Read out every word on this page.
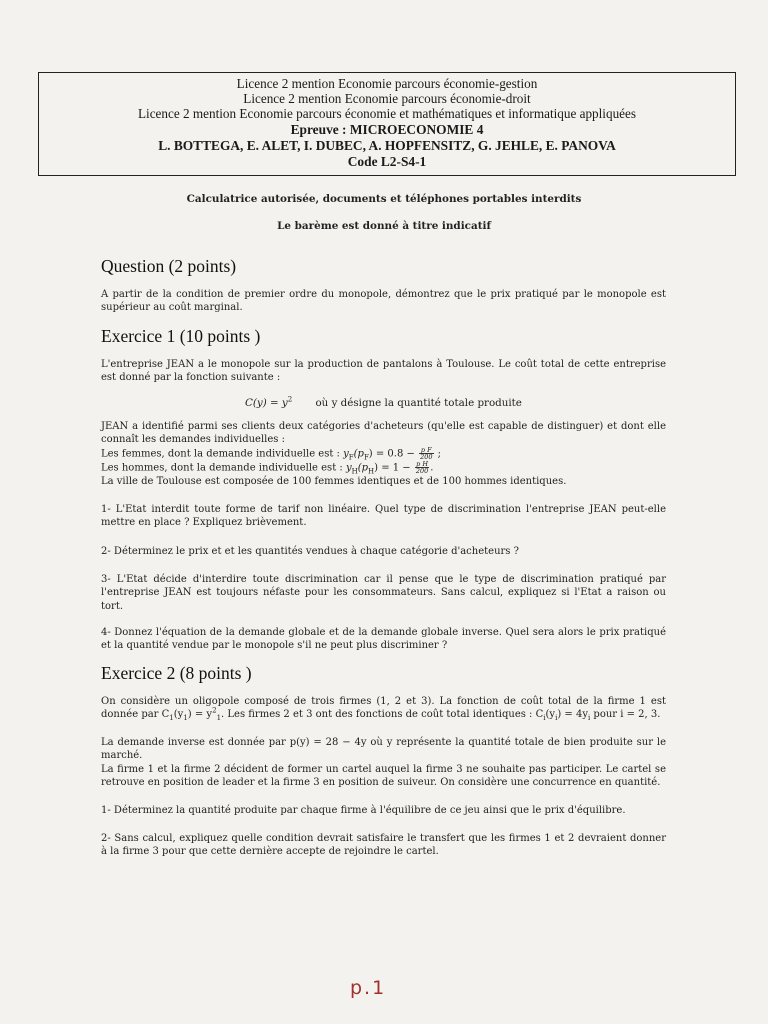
Licence 2 mention Economie parcours économie-gestion
Licence 2 mention Economie parcours économie-droit
Licence 2 mention Economie parcours économie et mathématiques et informatique appliquées
Epreuve : MICROECONOMIE 4
L. BOTTEGA, E. ALET, I. DUBEC, A. HOPFENSITZ, G. JEHLE, E. PANOVA
Code L2-S4-1
Calculatrice autorisée, documents et téléphones portables interdits
Le barème est donné à titre indicatif
Question (2 points)
A partir de la condition de premier ordre du monopole, démontrez que le prix pratiqué par le monopole est supérieur au coût marginal.
Exercice 1 (10 points )
L'entreprise JEAN a le monopole sur la production de pantalons à Toulouse. Le coût total de cette entreprise est donné par la fonction suivante :
$C(y) = y^2$ où y désigne la quantité totale produite
JEAN a identifié parmi ses clients deux catégories d'acheteurs (qu'elle est capable de distinguer) et dont elle connaît les demandes individuelles :
Les femmes, dont la demande individuelle est : $y_F(p_F) = 0.8 - \frac{\text{p F}}{200}$ ;
Les hommes, dont la demande individuelle est : $y_H(p_H) = 1 - \frac{\text{p H}}{200}$ .
La ville de Toulouse est composée de 100 femmes identiques et de 100 hommes identiques.
1- L'Etat interdit toute forme de tarif non linéaire. Quel type de discrimination l'entreprise JEAN peut-elle mettre en place ? Expliquez brièvement.
2- Déterminez le prix et et les quantités vendues à chaque catégorie d'acheteurs ?
3- L'Etat décide d'interdire toute discrimination car il pense que le type de discrimination pratiqué par l'entreprise JEAN est toujours néfaste pour les consommateurs. Sans calcul, expliquez si l'Etat a raison ou tort.
4- Donnez l'équation de la demande globale et de la demande globale inverse. Quel sera alors le prix pratiqué et la quantité vendue par le monopole s'il ne peut plus discriminer ?
Exercice 2 (8 points )
On considère un oligopole composé de trois firmes (1, 2 et 3). La fonction de coût total de la firme 1 est donnée par $C_1(y_1) = y^2_1$. Les firmes 2 et 3 ont des fonctions de coût total identiques : $C_i(y_i) = 4y_i$ pour i = 2, 3.
La demande inverse est donnée par p(y) = 28 − 4y où y représente la quantité totale de bien produite sur le marché.
La firme 1 et la firme 2 décident de former un cartel auquel la firme 3 ne souhaite pas participer. Le cartel se retrouve en position de leader et la firme 3 en position de suiveur. On considère une concurrence en quantité.
1- Déterminez la quantité produite par chaque firme à l'équilibre de ce jeu ainsi que le prix d'équilibre.
2- Sans calcul, expliquez quelle condition devrait satisfaire le transfert que les firmes 1 et 2 devraient donner à la firme 3 pour que cette dernière accepte de rejoindre le cartel.
p.1
